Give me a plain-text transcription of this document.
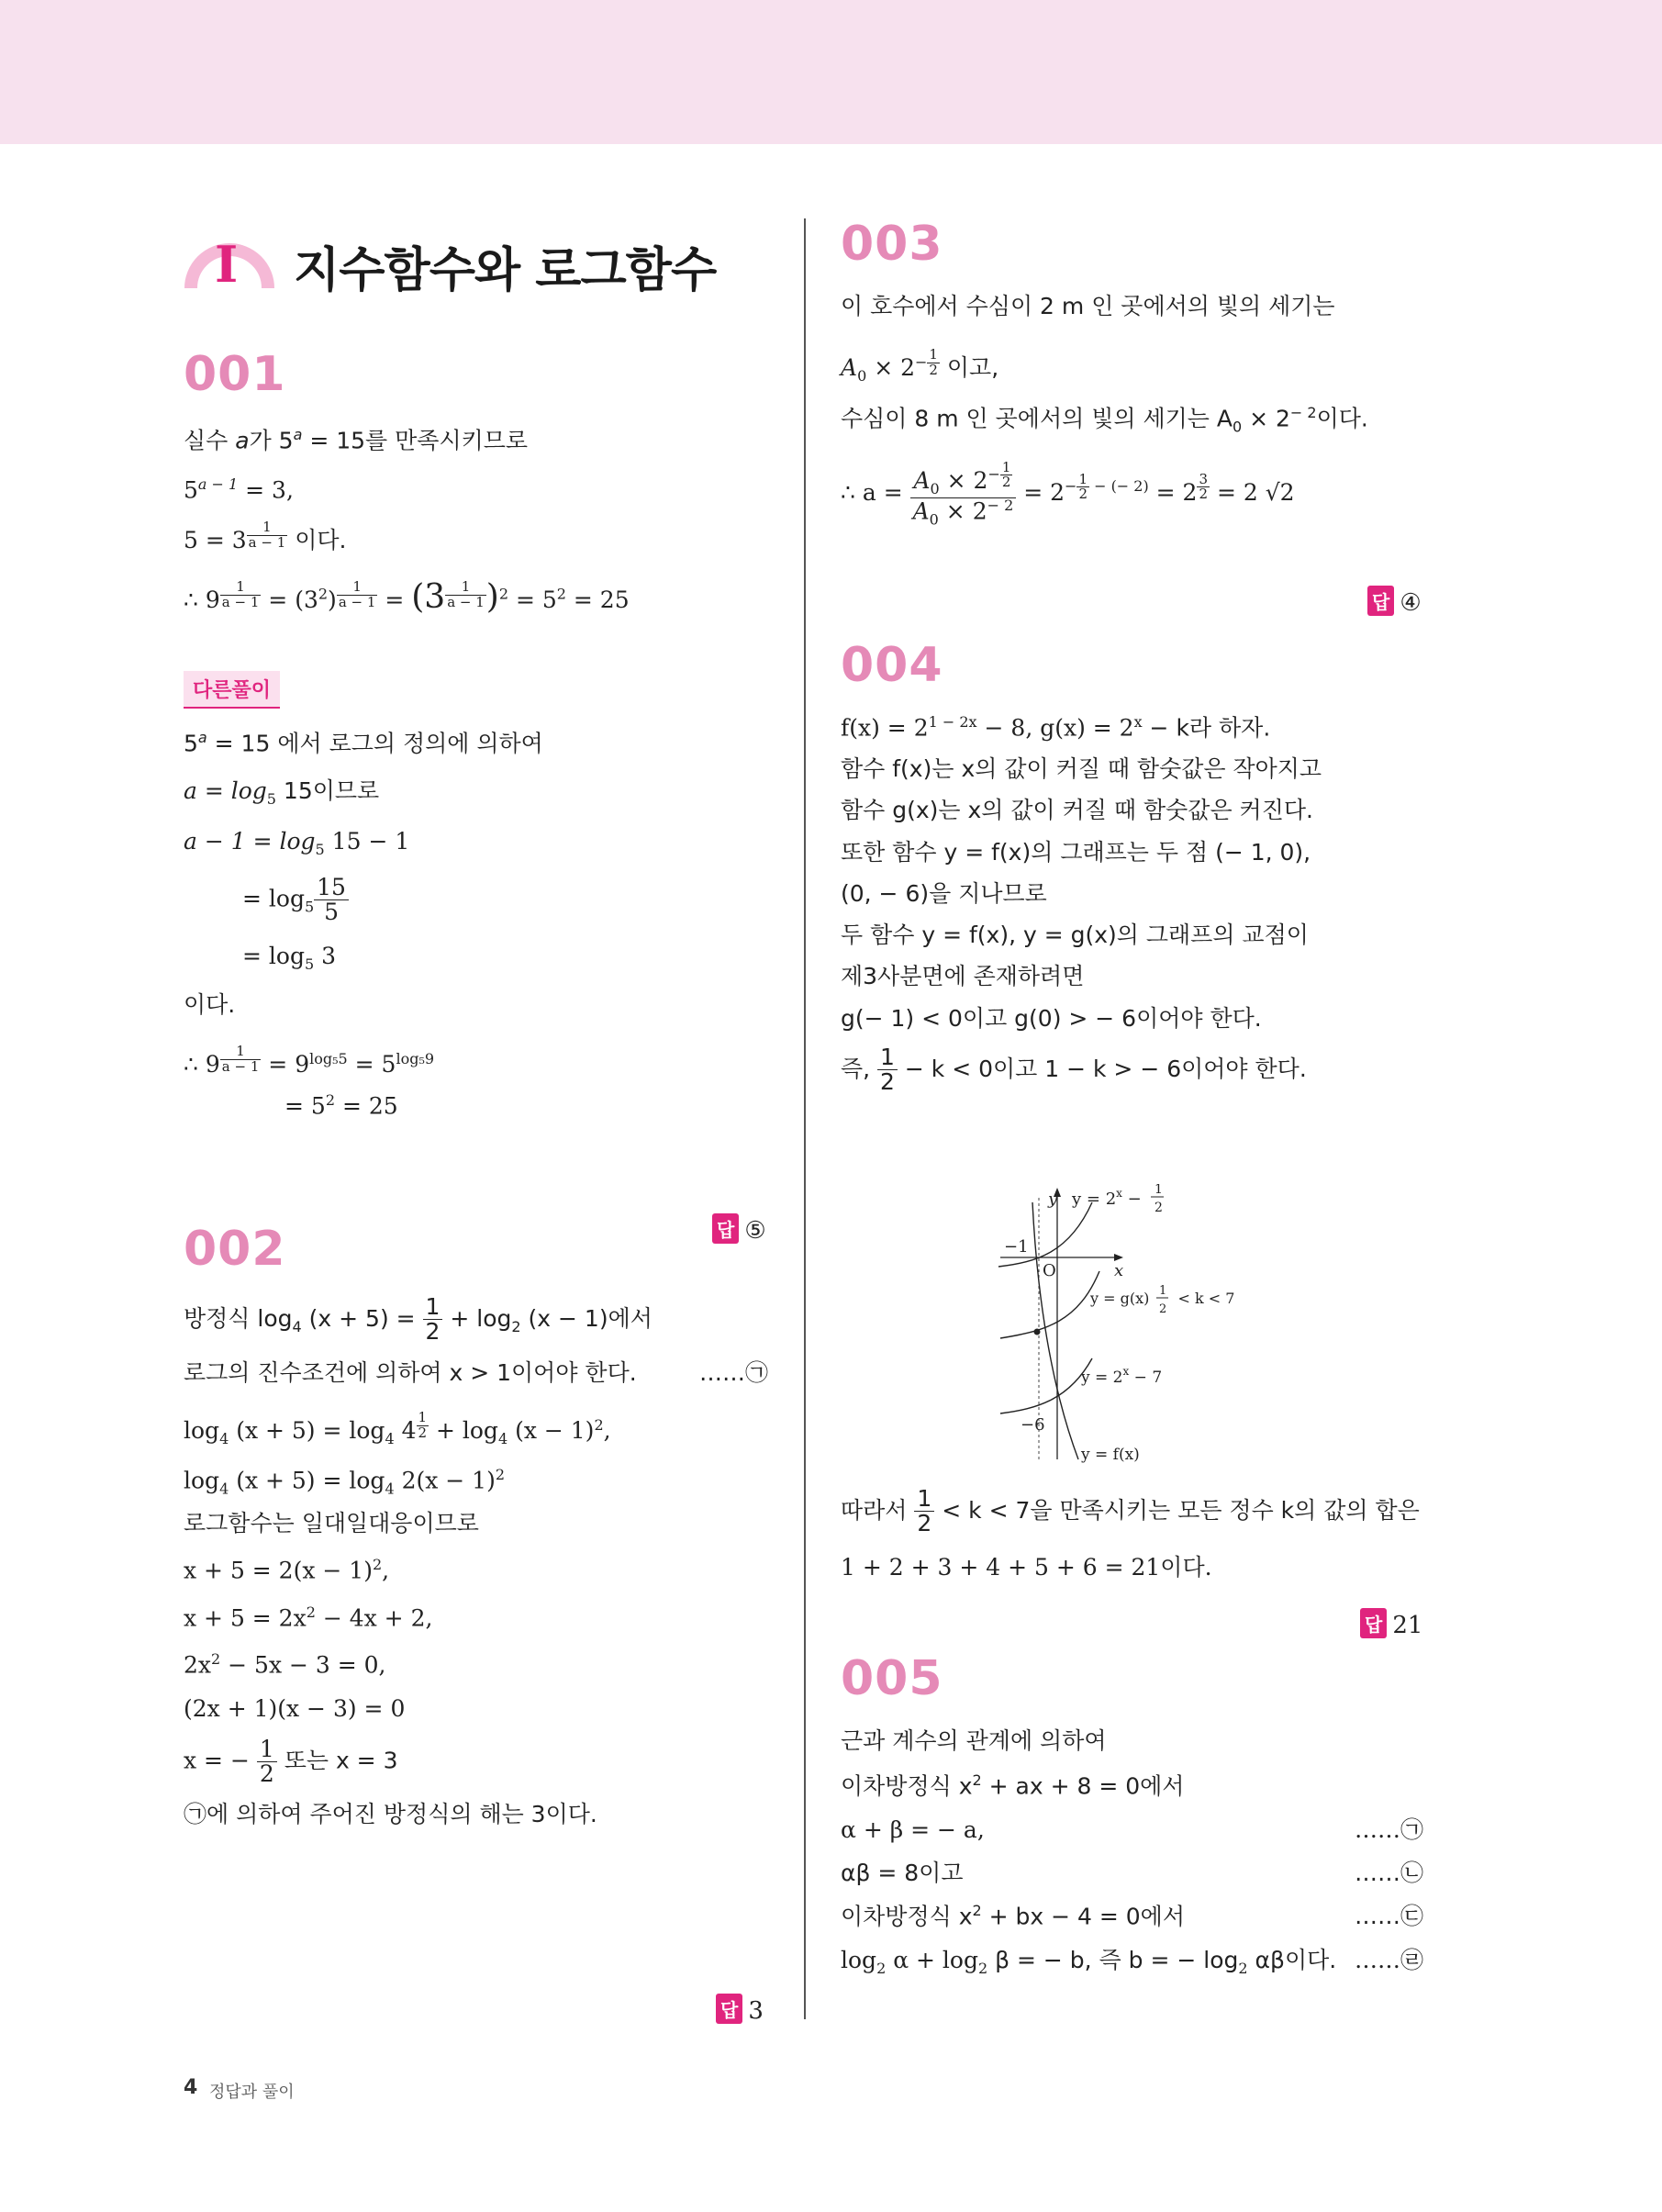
I 지수함수와 로그함수
001
실수 a가 $5^a = 15$를 만족시키므로
$5^{a - 1} = 3$,
5 = 3 $^{\frac{1}{a - 1}}$ 이다.
∴ 9 $^{\frac{1}{a - 1}} = (3^2) ^{\frac{1}{a - 1}} = (3$ $^{\frac{1}{a - 1}}$ )$^2 = 5^2 = 25$
다른풀이
$5^a = 15$ 에서 로그의 정의에 의하여
$a = \log_5 15$이므로
$a - 1 = \log_5 15 - 1$
= $\log_5 \frac{15}{5}$
= $\log_5 3$
이다.
∴ 9 $^{\frac{1}{a - 1}} = 9^{log_55} = 5^{log_59}$
= $5^2 = 25$
002
방정식 $\log_4 (x + 5) = \frac{1}{2} + \log_2 (x - 1)$에서
로그의 진수조건에 의하여 x > 1이어야 한다.	……㉠
$\log_4 (x + 5) = \log_4 4$ $^{\frac{1}{2}} + \log_4 (x - 1)^2$,
$\log_4 (x + 5) = \log_4 2(x - 1)^2$
로그함수는 일대일대응이므로
$x + 5 = 2(x - 1)^2$,
$x + 5 = 2x^2 - 4x + 2$,
$2x^2 - 5x - 3 = 0$,
(2x + 1)(x − 3) = 0
x = − $\frac{1}{2}$ 또는 x = 3
㉠에 의하여 주어진 방정식의 해는 3이다.
답 ⑤
답 3
003
이 호수에서 수심이 2 m 인 곳에서의 빛의 세기는
$A_0 \times 2^{- \frac{1}{2}}$ 이고,
수심이 8 m 인 곳에서의 빛의 세기는 $A_0 \times 2^{- 2}$이다.
∴ $a = A_0 \times 2^{- \frac{1}{2}}$
$A_0 \times 2^{- 2} = 2^{- \frac{1}{2} - (- 2)} = 2$ $^{\frac{3}{2}}$ = 2 √2
004
$f(x) = 2^{1 - 2x} - 8$, $g(x) = 2^x - k$라 하자.
함수 f(x)는 x의 값이 커질 때 함숫값은 작아지고
함수 g(x)는 x의 값이 커질 때 함숫값은 커진다.
또한 함수 y = f(x)의 그래프는 두 점 (− 1, 0),
(0, − 6)을 지나므로
두 함수 y = f(x), y = g(x)의 그래프의 교점이
제3사분면에 존재하려면
g(− 1) < 0이고 g(0) > − 6이어야 한다.
즉, $\frac{1}{2} - k < 0$이고 1 − k > − 6이어야 한다.
y
x
O
−1
−6
$y = 2^x - 1$
2
y = g(x) < k < 7
1
2
$y = 2^x - 7$
y = f(x)
따라서 $\frac{1}{2} < k < 7$을 만족시키는 모든 정수 k의 값의 합은
1 + 2 + 3 + 4 + 5 + 6 = 21이다.
005
근과 계수의 관계에 의하여
이차방정식 $x^2$ + ax + 8 = 0에서
α + β = − a,	……㉠
αβ = 8이고	……㉡
이차방정식 $x^2$ + bx − 4 = 0에서	……㉢
$\log_2 \alpha + \log_2 \beta$ = − b, 즉 b = − $\log_2 \alpha\beta$이다. ……㉣
답 ④
답 21
4 정답과 풀이
